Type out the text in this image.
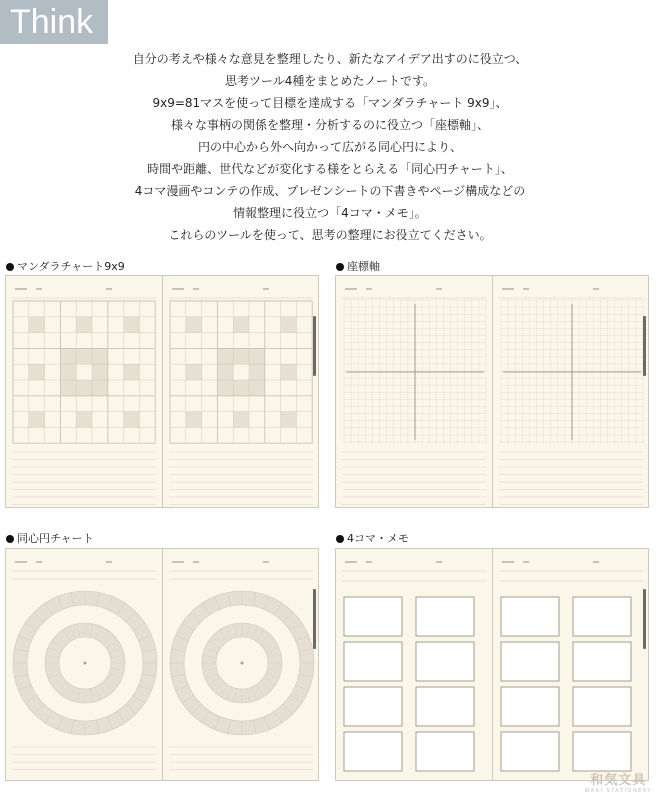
Think
自分の考えや様々な意見を整理したり、新たなアイデア出すのに役立つ、
思考ツール4種をまとめたノートです。
9x9=81マスを使って目標を達成する「マンダラチャート 9x9」、
様々な事柄の関係を整理・分析するのに役立つ「座標軸」、
円の中心から外へ向かって広がる同心円により、
時間や距離、世代などが変化する様をとらえる「同心円チャート」、
4コマ漫画やコンテの作成、プレゼンシートの下書きやページ構成などの
情報整理に役立つ「4コマ・メモ」。
これらのツールを使って、思考の整理にお役立てください。
マンダラチャート9x9	座標軸
同心円チャート	4コマ・メモ
和気文具
WAKI STATIONERY
